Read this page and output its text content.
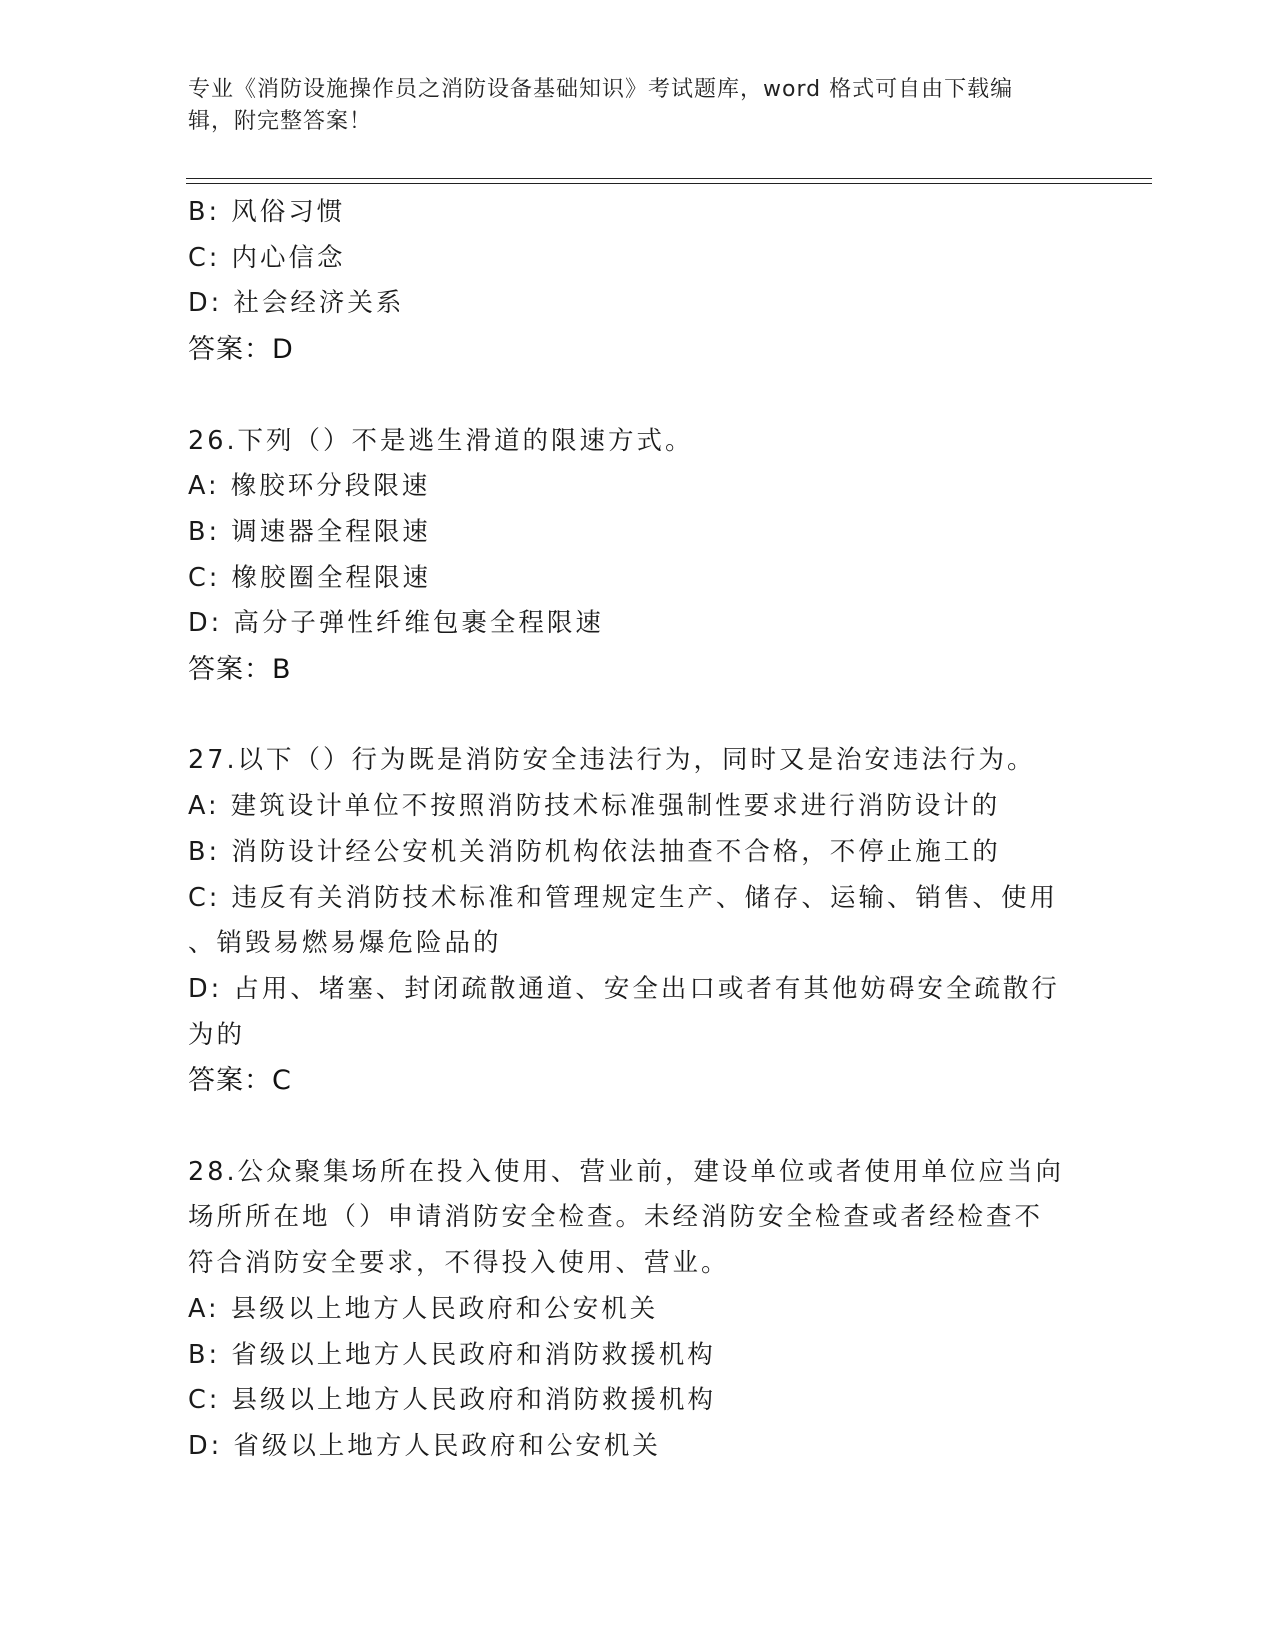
专业《消防设施操作员之消防设备基础知识》考试题库，word 格式可自由下载编
辑，附完整答案！
B: 风俗习惯
C: 内心信念
D: 社会经济关系
答案：D
26.下列（）不是逃生滑道的限速方式。
A: 橡胶环分段限速
B: 调速器全程限速
C: 橡胶圈全程限速
D: 高分子弹性纤维包裹全程限速
答案：B
27.以下（）行为既是消防安全违法行为，同时又是治安违法行为。
A: 建筑设计单位不按照消防技术标准强制性要求进行消防设计的
B: 消防设计经公安机关消防机构依法抽查不合格，不停止施工的
C: 违反有关消防技术标准和管理规定生产、储存、运输、销售、使用
、销毁易燃易爆危险品的
D: 占用、堵塞、封闭疏散通道、安全出口或者有其他妨碍安全疏散行
为的
答案：C
28.公众聚集场所在投入使用、营业前，建设单位或者使用单位应当向
场所所在地（）申请消防安全检查。未经消防安全检查或者经检查不
符合消防安全要求，不得投入使用、营业。
A: 县级以上地方人民政府和公安机关
B: 省级以上地方人民政府和消防救援机构
C: 县级以上地方人民政府和消防救援机构
D: 省级以上地方人民政府和公安机关
